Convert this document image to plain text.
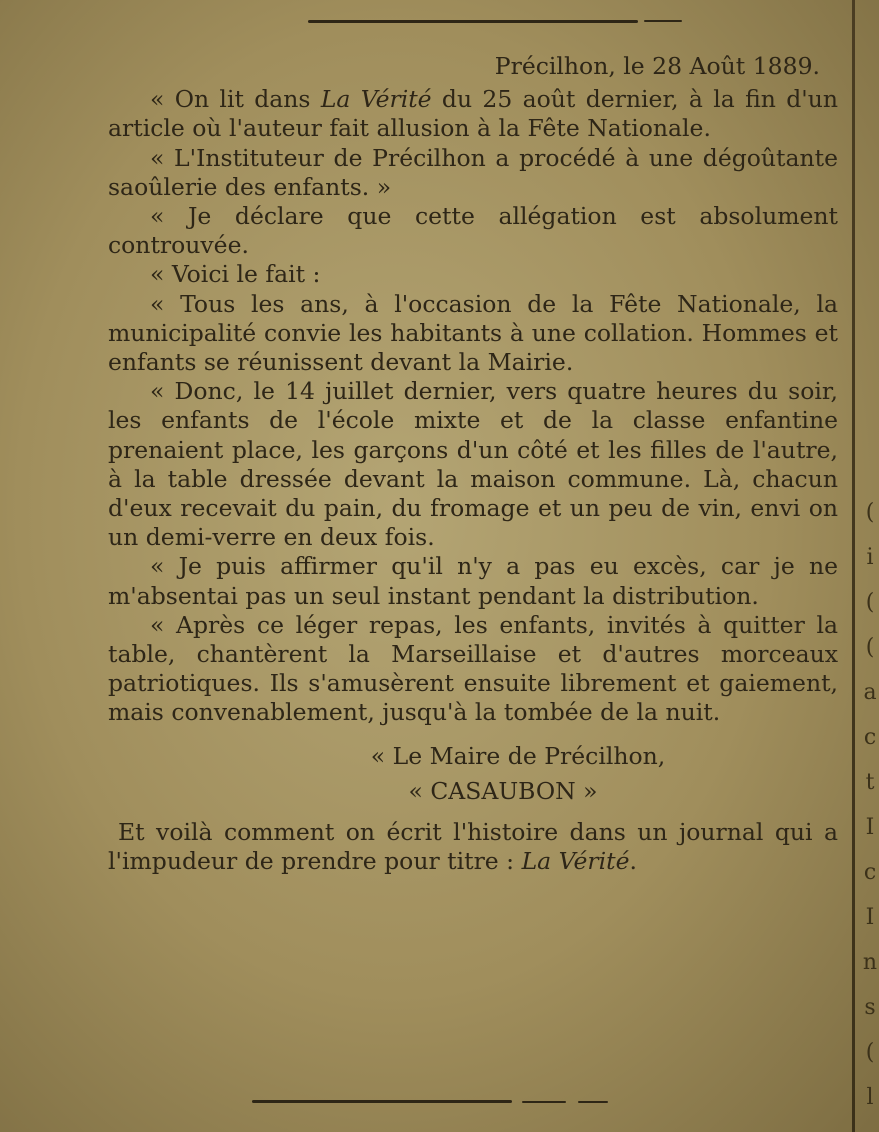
Précilhon, le 28 Août 1889.

« On lit dans La Vérité du 25 août dernier, à la fin d'un article où l'auteur fait allusion à la Fête Nationale.

« L'Instituteur de Précilhon a procédé à une dégoûtante saoûlerie des enfants. »

« Je déclare que cette allégation est absolument controuvée.

« Voici le fait :

« Tous les ans, à l'occasion de la Fête Nationale, la municipalité convie les habitants à une collation. Hommes et enfants se réunissent devant la Mairie.

« Donc, le 14 juillet dernier, vers quatre heures du soir, les enfants de l'école mixte et de la classe enfantine prenaient place, les garçons d'un côté et les filles de l'autre, à la table dressée devant la maison commune. Là, chacun d'eux recevait du pain, du fromage et un peu de vin, envi on un demi-verre en deux fois.

« Je puis affirmer qu'il n'y a pas eu excès, car je ne m'absentai pas un seul instant pendant la distribution.

« Après ce léger repas, les enfants, invités à quitter la table, chantèrent la Marseillaise et d'autres morceaux patriotiques. Ils s'amusèrent ensuite librement et gaiement, mais convenablement, jusqu'à la tombée de la nuit.

« Le Maire de Précilhon,

« CASAUBON »

Et voilà comment on écrit l'histoire dans un journal qui a l'impudeur de prendre pour titre : La Vérité.

(
i
(
(
a
c
t
I
c
I
n
s
(
l
